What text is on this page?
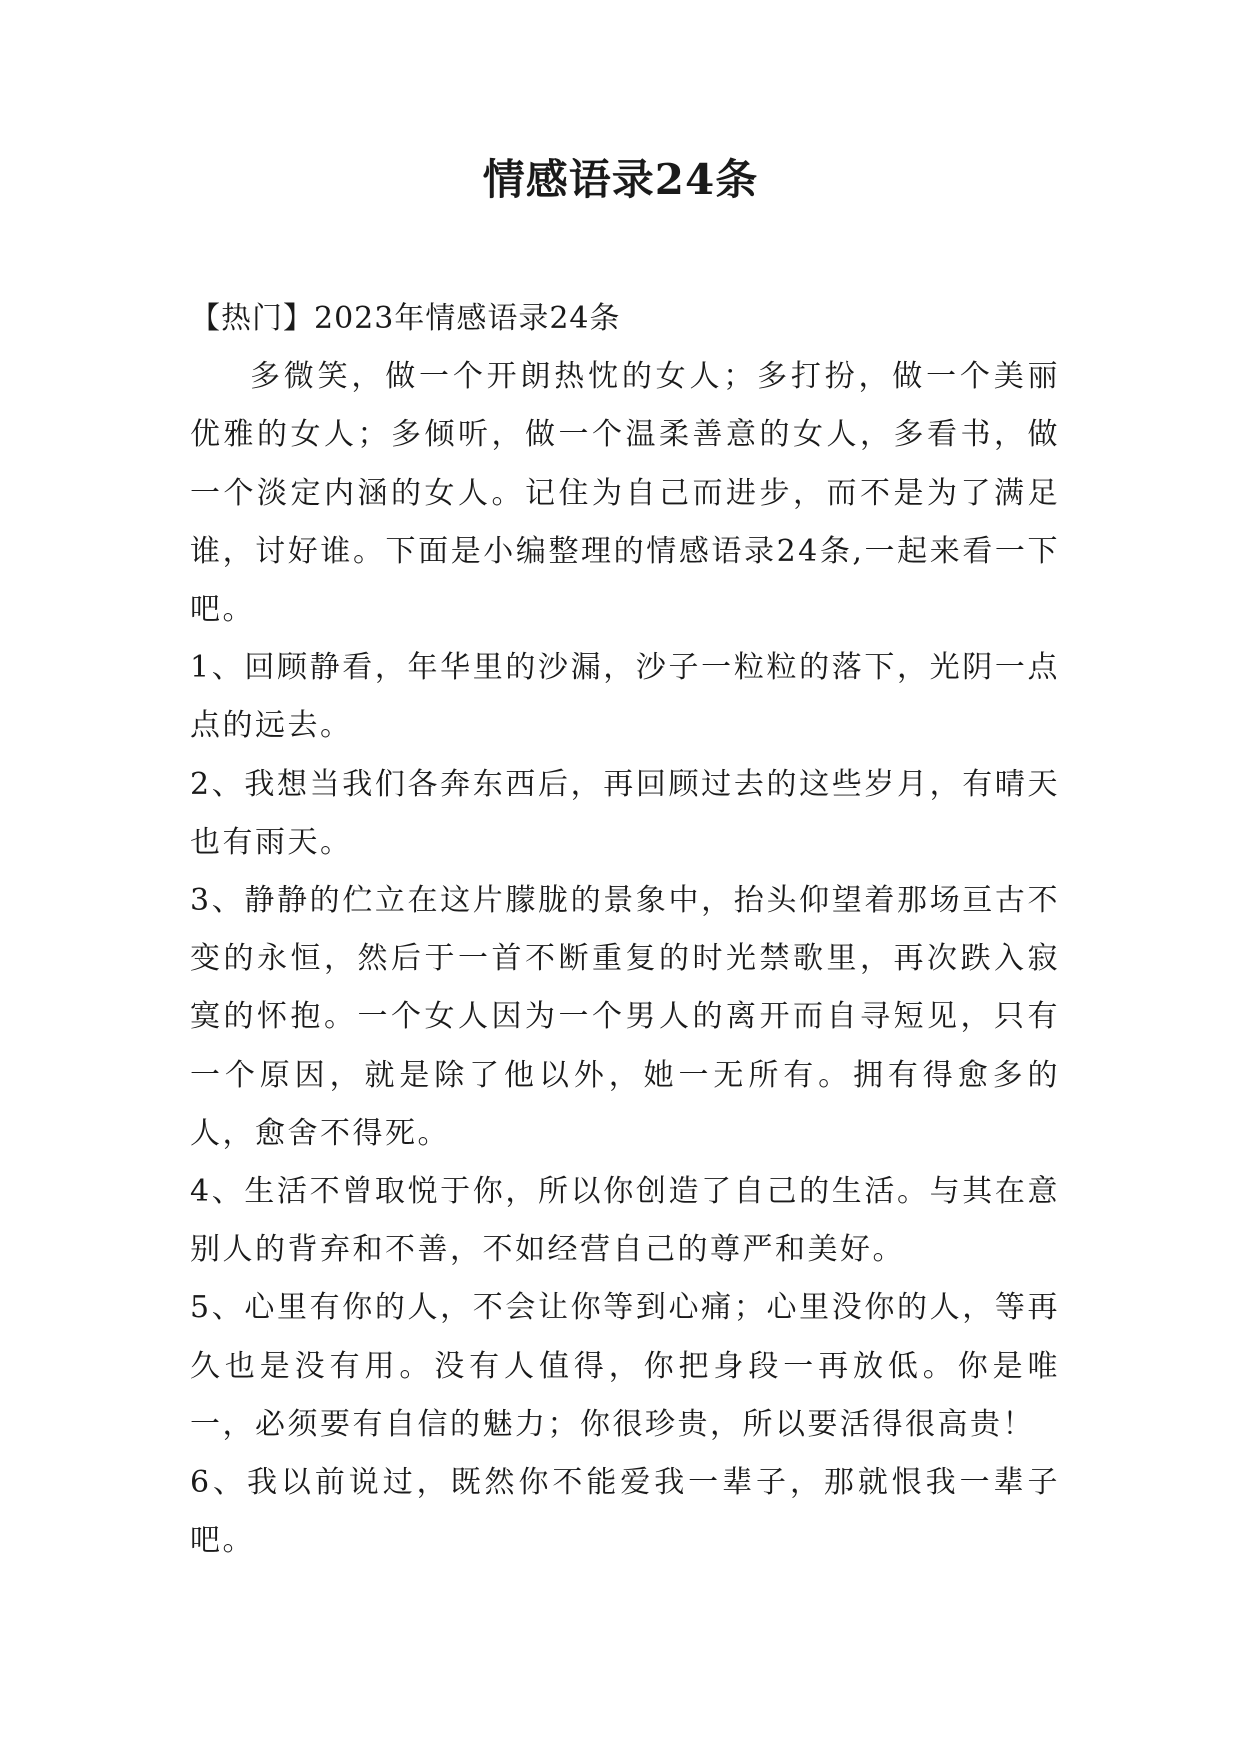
情感语录24条

【热门】2023年情感语录24条

多微笑，做一个开朗热忱的女人；多打扮，做一个美丽优雅的女人；多倾听，做一个温柔善意的女人，多看书，做一个淡定内涵的女人。记住为自己而进步，而不是为了满足谁，讨好谁。下面是小编整理的情感语录24条,一起来看一下吧。

1、回顾静看，年华里的沙漏，沙子一粒粒的落下，光阴一点点的远去。

2、我想当我们各奔东西后，再回顾过去的这些岁月，有晴天也有雨天。

3、静静的伫立在这片朦胧的景象中，抬头仰望着那场亘古不变的永恒，然后于一首不断重复的时光禁歌里，再次跌入寂寞的怀抱。一个女人因为一个男人的离开而自寻短见，只有一个原因，就是除了他以外，她一无所有。拥有得愈多的人，愈舍不得死。

4、生活不曾取悦于你，所以你创造了自己的生活。与其在意别人的背弃和不善，不如经营自己的尊严和美好。

5、心里有你的人，不会让你等到心痛；心里没你的人，等再久也是没有用。没有人值得，你把身段一再放低。你是唯一，必须要有自信的魅力；你很珍贵，所以要活得很高贵！

6、我以前说过，既然你不能爱我一辈子，那就恨我一辈子吧。
